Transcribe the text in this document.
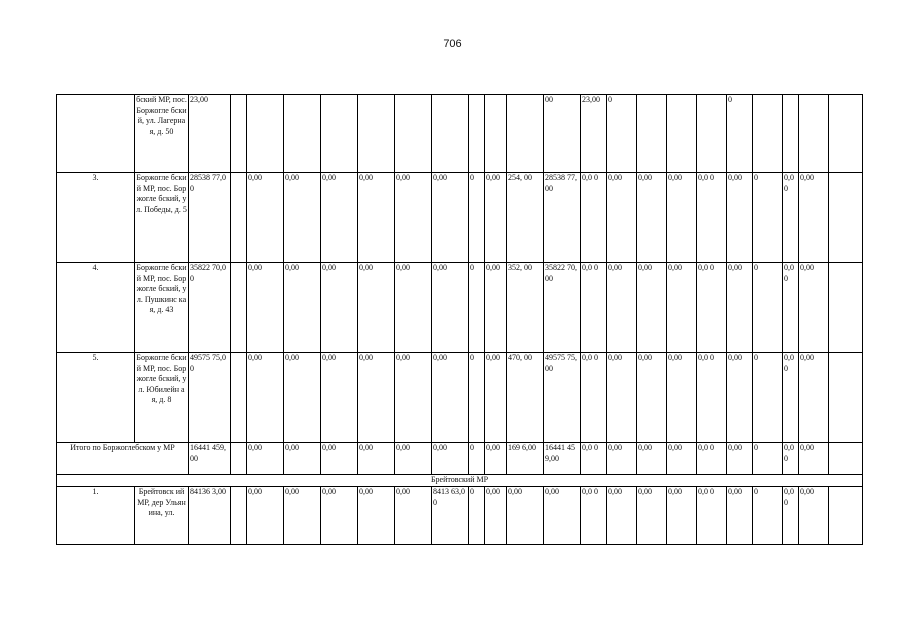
706
	бский МР, пос. Боржогле бский, ул. Лагерная, д. 50	23,00											00	23,00	0				0				
3.	Боржогле бский МР, пос. Боржогле бский, ул. Победы, д. 5	28538 77,00		0,00	0,00	0,00	0,00	0,00	0,00	0	0,00	254, 00	28538 77,00	0,0 0	0,00	0,00	0,00	0,0 0	0,00	0	0,00	0,00	
4.	Боржогле бский МР, пос. Боржогле бский, ул. Пушкинс кая, д. 43	35822 70,00		0,00	0,00	0,00	0,00	0,00	0,00	0	0,00	352, 00	35822 70,00	0,0 0	0,00	0,00	0,00	0,0 0	0,00	0	0,00	0,00	
5.	Боржогле бский МР, пос. Боржогле бский, ул. Юбилейн ая, д. 8	49575 75,00		0,00	0,00	0,00	0,00	0,00	0,00	0	0,00	470, 00	49575 75,00	0,0 0	0,00	0,00	0,00	0,0 0	0,00	0	0,00	0,00	
Итого по Боржоглебском у МР		16441 459,00		0,00	0,00	0,00	0,00	0,00	0,00	0	0,00	169 6,00	16441 459,00	0,0 0	0,00	0,00	0,00	0,0 0	0,00	0	0,00	0,00	
Брейтовский МР																							
1.	Брейтовск ий МР, дер Ульянина, ул.	84136 3,00		0,00	0,00	0,00	0,00	0,00	8413 63,00	0	0,00	0,00	0,00	0,0 0	0,00	0,00	0,00	0,0 0	0,00	0	0,00	0,00	
